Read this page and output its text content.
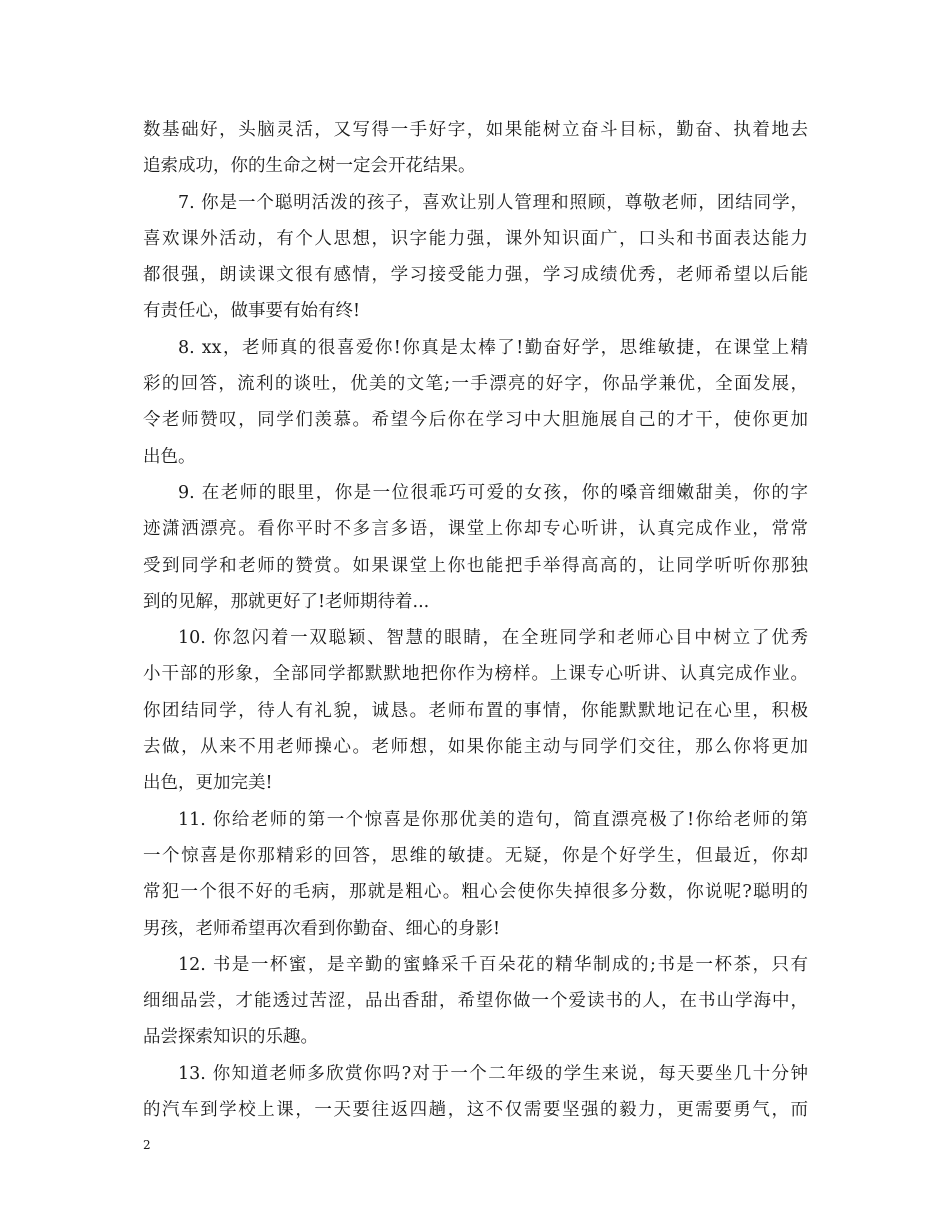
数基础好，头脑灵活，又写得一手好字，如果能树立奋斗目标，勤奋、执着地去
追索成功，你的生命之树一定会开花结果。
7. 你是一个聪明活泼的孩子，喜欢让别人管理和照顾，尊敬老师，团结同学，
喜欢课外活动，有个人思想，识字能力强，课外知识面广，口头和书面表达能力
都很强，朗读课文很有感情，学习接受能力强，学习成绩优秀，老师希望以后能
有责任心，做事要有始有终!
8. xx，老师真的很喜爱你!你真是太棒了!勤奋好学，思维敏捷，在课堂上精
彩的回答，流利的谈吐，优美的文笔;一手漂亮的好字，你品学兼优，全面发展，
令老师赞叹，同学们羡慕。希望今后你在学习中大胆施展自己的才干，使你更加
出色。
9. 在老师的眼里，你是一位很乖巧可爱的女孩，你的嗓音细嫩甜美，你的字
迹潇洒漂亮。看你平时不多言多语，课堂上你却专心听讲，认真完成作业，常常
受到同学和老师的赞赏。如果课堂上你也能把手举得高高的，让同学听听你那独
到的见解，那就更好了!老师期待着...
10. 你忽闪着一双聪颖、智慧的眼睛，在全班同学和老师心目中树立了优秀
小干部的形象，全部同学都默默地把你作为榜样。上课专心听讲、认真完成作业。
你团结同学，待人有礼貌，诚恳。老师布置的事情，你能默默地记在心里，积极
去做，从来不用老师操心。老师想，如果你能主动与同学们交往，那么你将更加
出色，更加完美!
11. 你给老师的第一个惊喜是你那优美的造句，简直漂亮极了!你给老师的第
一个惊喜是你那精彩的回答，思维的敏捷。无疑，你是个好学生，但最近，你却
常犯一个很不好的毛病，那就是粗心。粗心会使你失掉很多分数，你说呢?聪明的
男孩，老师希望再次看到你勤奋、细心的身影!
12. 书是一杯蜜，是辛勤的蜜蜂采千百朵花的精华制成的;书是一杯茶，只有
细细品尝，才能透过苦涩，品出香甜，希望你做一个爱读书的人，在书山学海中，
品尝探索知识的乐趣。
13. 你知道老师多欣赏你吗?对于一个二年级的学生来说，每天要坐几十分钟
的汽车到学校上课，一天要往返四趟，这不仅需要坚强的毅力，更需要勇气，而
2
